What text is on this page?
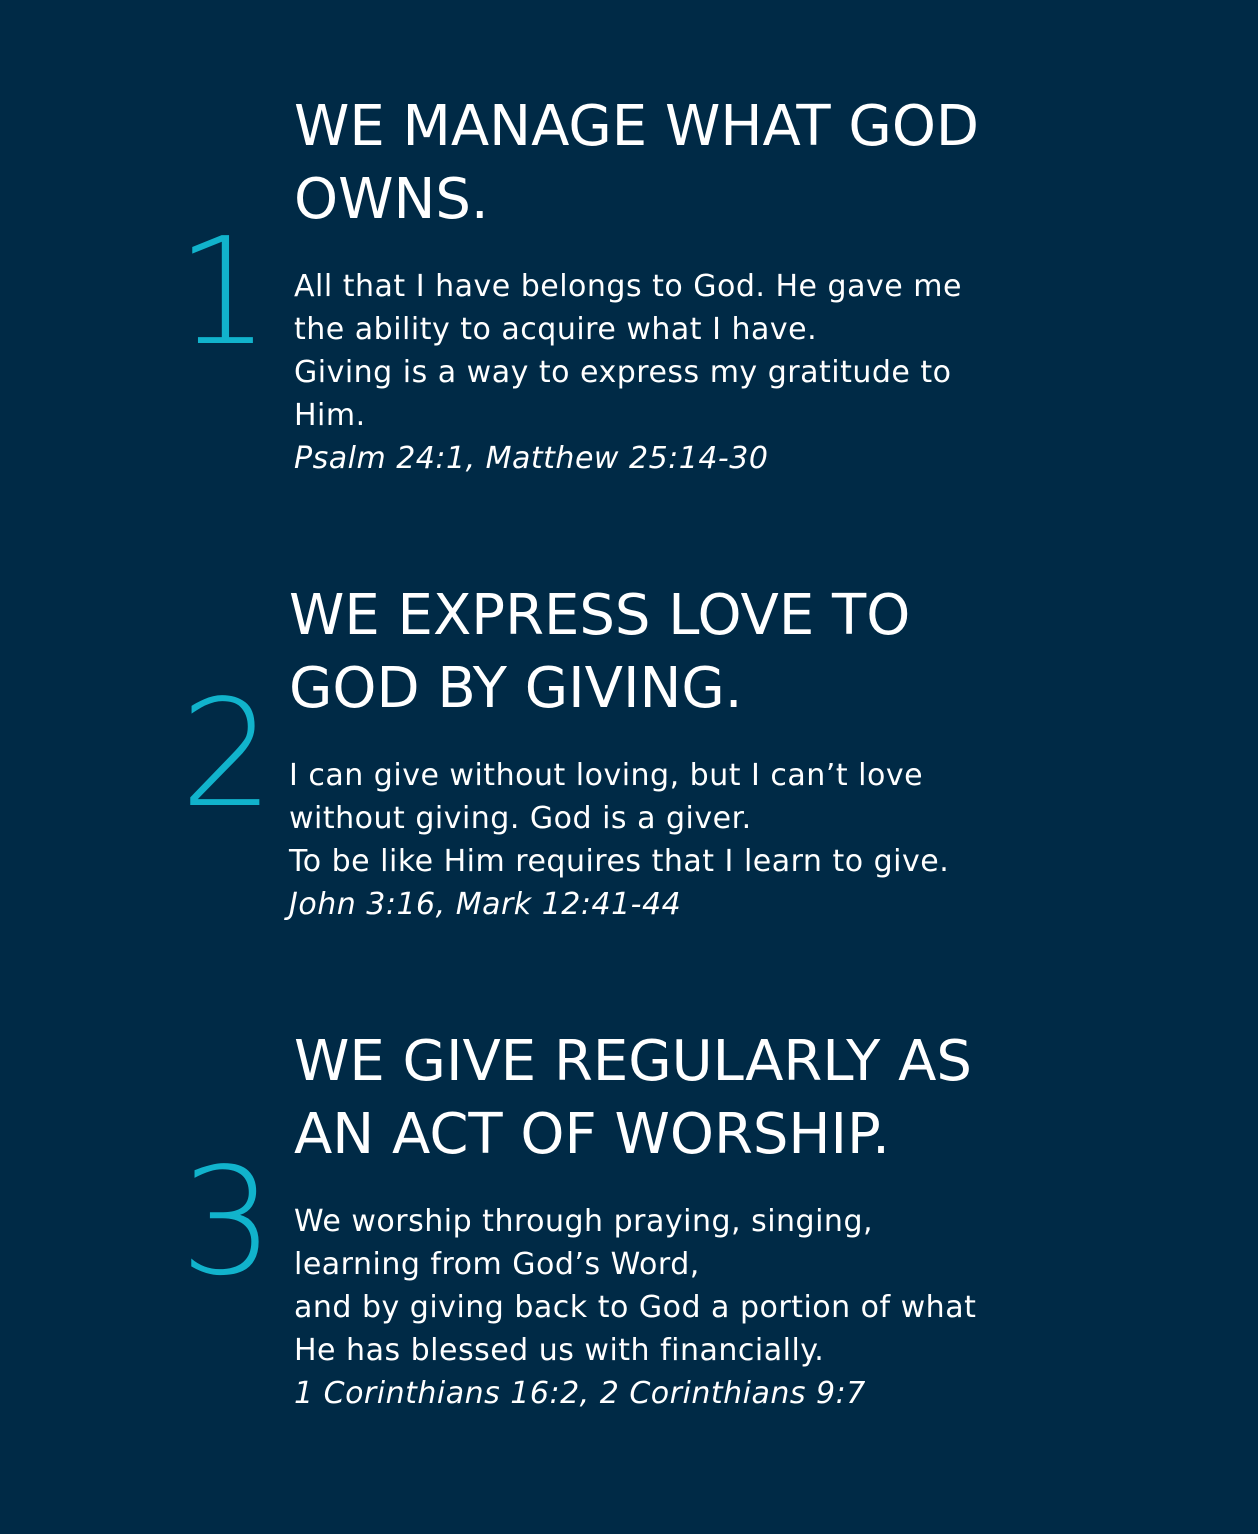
1
WE MANAGE WHAT GOD
OWNS.

All that I have belongs to God. He gave me

the ability to acquire what I have.

Giving is a way to express my gratitude to

Him.

Psalm 24:1, Matthew 25:14-30

2
WE EXPRESS LOVE TO
GOD BY GIVING.

I can give without loving, but I can’t love

without giving. God is a giver.

To be like Him requires that I learn to give.

John 3:16, Mark 12:41-44

3
WE GIVE REGULARLY AS
AN ACT OF WORSHIP.

We worship through praying, singing,

learning from God’s Word,

and by giving back to God a portion of what

He has blessed us with financially.

1 Corinthians 16:2, 2 Corinthians 9:7
